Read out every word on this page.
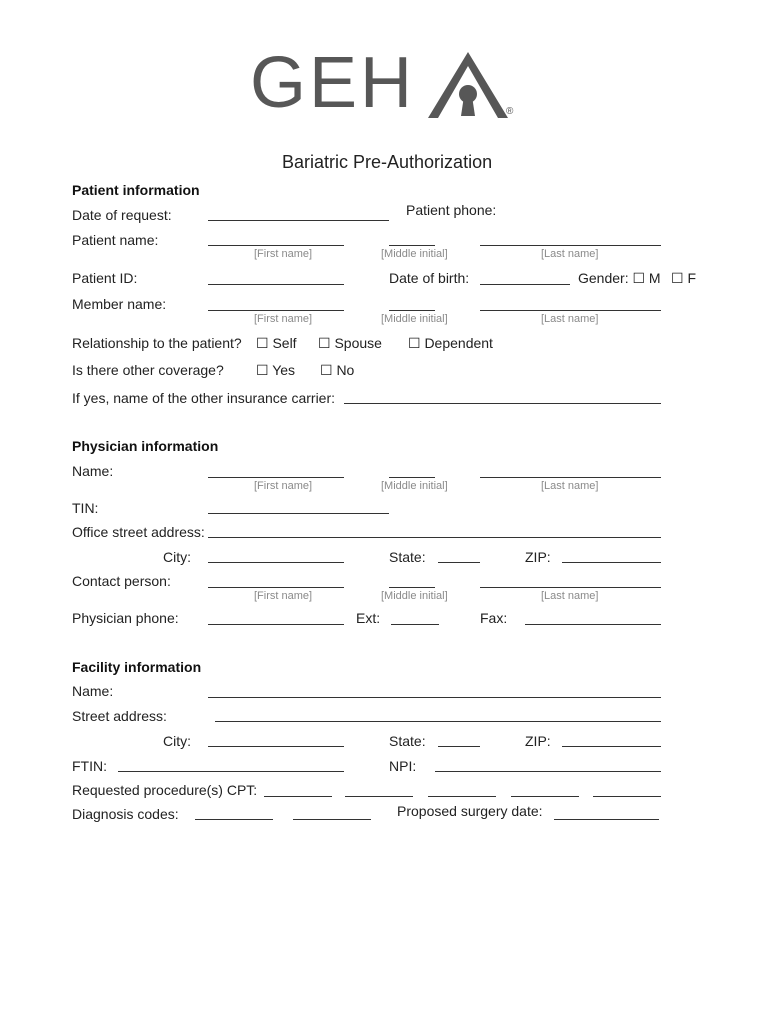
GEH	®
Bariatric Pre-Authorization
Patient information
Date of request:	Patient phone:
Patient name:
[First name]	[Middle initial]	[Last name]
Patient ID:	Date of birth:	Gender: ☐ M ☐ F
Member name:
[First name]	[Middle initial]	[Last name]
Relationship to the patient? ☐ Self ☐ Spouse ☐ Dependent
Is there other coverage? ☐ Yes ☐ No
If yes, name of the other insurance carrier:
Physician information
Name:
[First name]	[Middle initial]	[Last name]
TIN:
Office street address:
City:	State:	ZIP:
Contact person:
[First name]	[Middle initial]	[Last name]
Physician phone:	Ext:	Fax:
Facility information
Name:
Street address:
City:	State:	ZIP:
FTIN:	NPI:
Requested procedure(s) CPT:
Diagnosis codes:	Proposed surgery date:
